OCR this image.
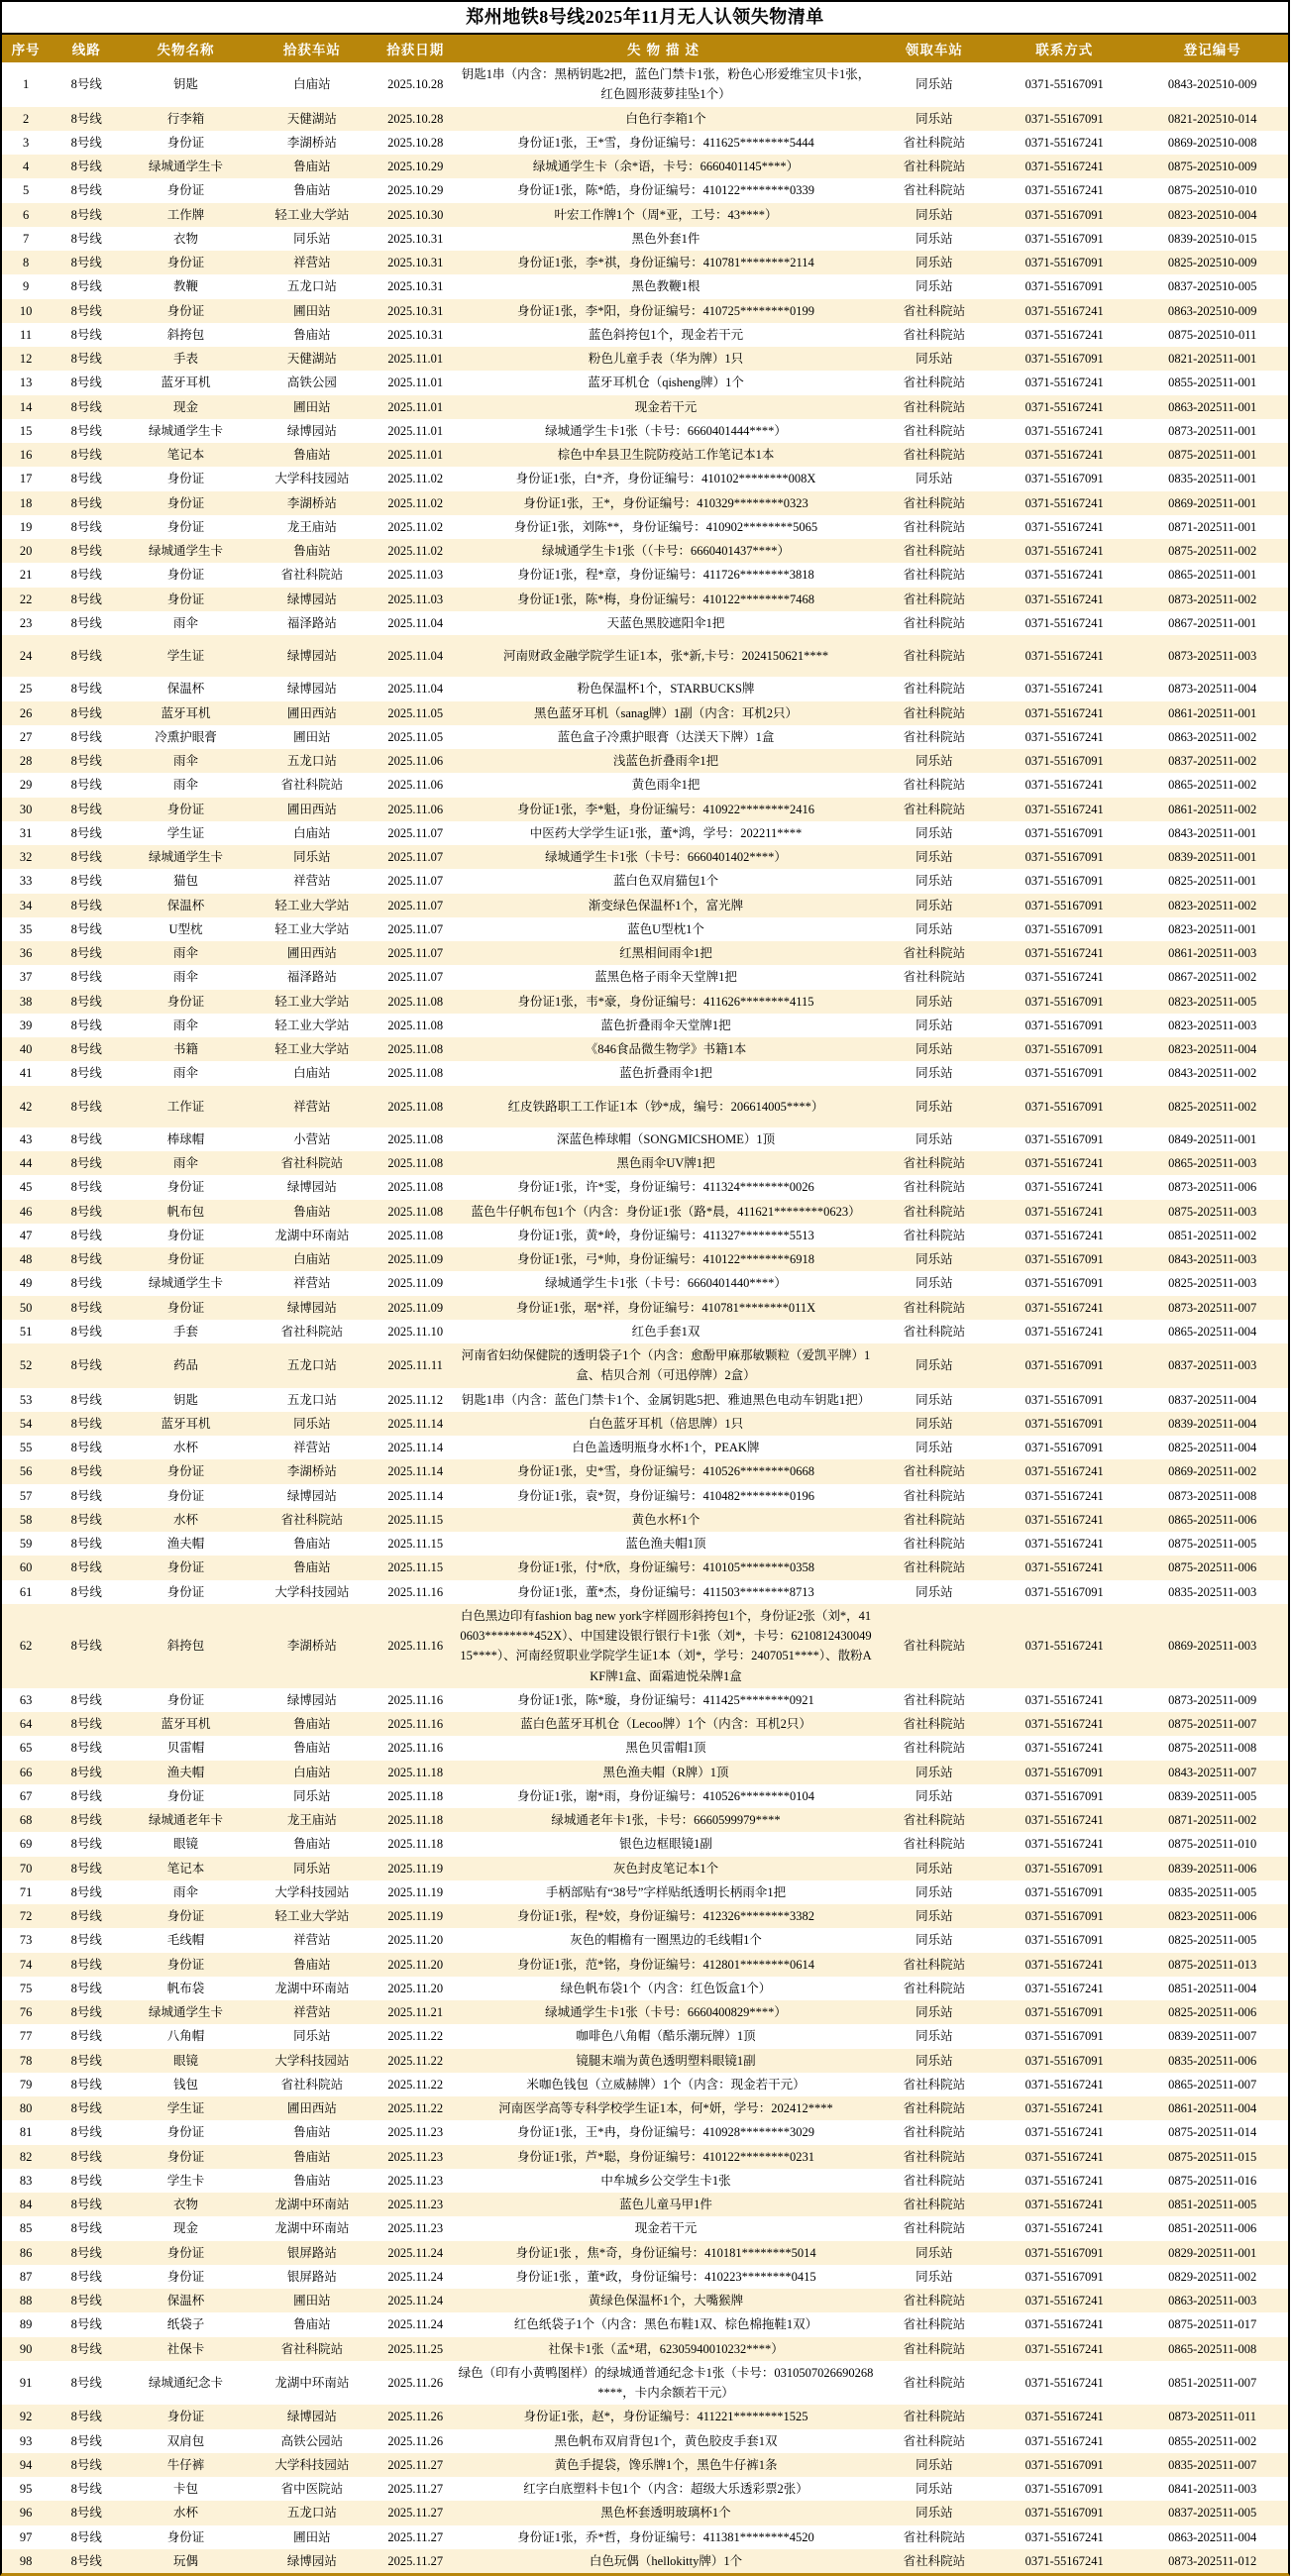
郑州地铁8号线2025年11月无人认领失物清单
序号	线路	失物名称	拾获车站	拾获日期	失物描述	领取车站	联系方式	登记编号
1	8号线	钥匙	白庙站	2025.10.28	钥匙1串（内含：黑柄钥匙2把，蓝色门禁卡1张，粉色心形爱维宝贝卡1张，红色圆形菠萝挂坠1个）	同乐站	0371-55167091	0843-202510-009
2	8号线	行李箱	天健湖站	2025.10.28	白色行李箱1个	同乐站	0371-55167091	0821-202510-014
3	8号线	身份证	李湖桥站	2025.10.28	身份证1张，王*雪，身份证编号：411625********5444	省社科院站	0371-55167241	0869-202510-008
4	8号线	绿城通学生卡	鲁庙站	2025.10.29	绿城通学生卡（余*语，卡号：6660401145****）	省社科院站	0371-55167241	0875-202510-009
5	8号线	身份证	鲁庙站	2025.10.29	身份证1张，陈*皓，身份证编号：410122********0339	省社科院站	0371-55167241	0875-202510-010
6	8号线	工作牌	轻工业大学站	2025.10.30	叶宏工作牌1个（周*亚，工号：43****）	同乐站	0371-55167091	0823-202510-004
7	8号线	衣物	同乐站	2025.10.31	黑色外套1件	同乐站	0371-55167091	0839-202510-015
8	8号线	身份证	祥营站	2025.10.31	身份证1张，李*祺，身份证编号：410781********2114	同乐站	0371-55167091	0825-202510-009
9	8号线	教鞭	五龙口站	2025.10.31	黑色教鞭1根	同乐站	0371-55167091	0837-202510-005
10	8号线	身份证	圃田站	2025.10.31	身份证1张，李*阳，身份证编号：410725********0199	省社科院站	0371-55167241	0863-202510-009
11	8号线	斜挎包	鲁庙站	2025.10.31	蓝色斜挎包1个，现金若干元	省社科院站	0371-55167241	0875-202510-011
12	8号线	手表	天健湖站	2025.11.01	粉色儿童手表（华为牌）1只	同乐站	0371-55167091	0821-202511-001
13	8号线	蓝牙耳机	高铁公园	2025.11.01	蓝牙耳机仓（qisheng牌）1个	省社科院站	0371-55167241	0855-202511-001
14	8号线	现金	圃田站	2025.11.01	现金若干元	省社科院站	0371-55167241	0863-202511-001
15	8号线	绿城通学生卡	绿博园站	2025.11.01	绿城通学生卡1张（卡号：6660401444****）	省社科院站	0371-55167241	0873-202511-001
16	8号线	笔记本	鲁庙站	2025.11.01	棕色中牟县卫生院防疫站工作笔记本1本	省社科院站	0371-55167241	0875-202511-001
17	8号线	身份证	大学科技园站	2025.11.02	身份证1张，白*齐，身份证编号：410102********008X	同乐站	0371-55167091	0835-202511-001
18	8号线	身份证	李湖桥站	2025.11.02	身份证1张，王*，身份证编号：410329********0323	省社科院站	0371-55167241	0869-202511-001
19	8号线	身份证	龙王庙站	2025.11.02	身份证1张，刘陈**，身份证编号：410902********5065	省社科院站	0371-55167241	0871-202511-001
20	8号线	绿城通学生卡	鲁庙站	2025.11.02	绿城通学生卡1张（（卡号：6660401437****）	省社科院站	0371-55167241	0875-202511-002
21	8号线	身份证	省社科院站	2025.11.03	身份证1张，程*章，身份证编号：411726********3818	省社科院站	0371-55167241	0865-202511-001
22	8号线	身份证	绿博园站	2025.11.03	身份证1张，陈*梅，身份证编号：410122********7468	省社科院站	0371-55167241	0873-202511-002
23	8号线	雨伞	福泽路站	2025.11.04	天蓝色黑胶遮阳伞1把	省社科院站	0371-55167241	0867-202511-001
24	8号线	学生证	绿博园站	2025.11.04	河南财政金融学院学生证1本，张*新,卡号：2024150621****	省社科院站	0371-55167241	0873-202511-003
25	8号线	保温杯	绿博园站	2025.11.04	粉色保温杯1个，STARBUCKS牌	省社科院站	0371-55167241	0873-202511-004
26	8号线	蓝牙耳机	圃田西站	2025.11.05	黑色蓝牙耳机（sanag牌）1副（内含：耳机2只）	省社科院站	0371-55167241	0861-202511-001
27	8号线	冷熏护眼膏	圃田站	2025.11.05	蓝色盒子冷熏护眼膏（达渼天下牌）1盒	省社科院站	0371-55167241	0863-202511-002
28	8号线	雨伞	五龙口站	2025.11.06	浅蓝色折叠雨伞1把	同乐站	0371-55167091	0837-202511-002
29	8号线	雨伞	省社科院站	2025.11.06	黄色雨伞1把	省社科院站	0371-55167241	0865-202511-002
30	8号线	身份证	圃田西站	2025.11.06	身份证1张，李*魁，身份证编号：410922********2416	省社科院站	0371-55167241	0861-202511-002
31	8号线	学生证	白庙站	2025.11.07	中医药大学学生证1张，董*鸿，学号：202211****	同乐站	0371-55167091	0843-202511-001
32	8号线	绿城通学生卡	同乐站	2025.11.07	绿城通学生卡1张（卡号：6660401402****）	同乐站	0371-55167091	0839-202511-001
33	8号线	猫包	祥营站	2025.11.07	蓝白色双肩猫包1个	同乐站	0371-55167091	0825-202511-001
34	8号线	保温杯	轻工业大学站	2025.11.07	渐变绿色保温杯1个，富光牌	同乐站	0371-55167091	0823-202511-002
35	8号线	U型枕	轻工业大学站	2025.11.07	蓝色U型枕1个	同乐站	0371-55167091	0823-202511-001
36	8号线	雨伞	圃田西站	2025.11.07	红黑相间雨伞1把	省社科院站	0371-55167241	0861-202511-003
37	8号线	雨伞	福泽路站	2025.11.07	蓝黑色格子雨伞天堂牌1把	省社科院站	0371-55167241	0867-202511-002
38	8号线	身份证	轻工业大学站	2025.11.08	身份证1张，韦*豪，身份证编号：411626********4115	同乐站	0371-55167091	0823-202511-005
39	8号线	雨伞	轻工业大学站	2025.11.08	蓝色折叠雨伞天堂牌1把	同乐站	0371-55167091	0823-202511-003
40	8号线	书籍	轻工业大学站	2025.11.08	《846食品微生物学》书籍1本	同乐站	0371-55167091	0823-202511-004
41	8号线	雨伞	白庙站	2025.11.08	蓝色折叠雨伞1把	同乐站	0371-55167091	0843-202511-002
42	8号线	工作证	祥营站	2025.11.08	红皮铁路职工工作证1本（钞*成，编号：206614005****）	同乐站	0371-55167091	0825-202511-002
43	8号线	棒球帽	小营站	2025.11.08	深蓝色棒球帽（SONGMICSHOME）1顶	同乐站	0371-55167091	0849-202511-001
44	8号线	雨伞	省社科院站	2025.11.08	黑色雨伞UV牌1把	省社科院站	0371-55167241	0865-202511-003
45	8号线	身份证	绿博园站	2025.11.08	身份证1张，许*雯，身份证编号：411324********0026	省社科院站	0371-55167241	0873-202511-006
46	8号线	帆布包	鲁庙站	2025.11.08	蓝色牛仔帆布包1个（内含：身份证1张（路*晨，411621********0623）	省社科院站	0371-55167241	0875-202511-003
47	8号线	身份证	龙湖中环南站	2025.11.08	身份证1张，黄*岭，身份证编号：411327********5513	省社科院站	0371-55167241	0851-202511-002
48	8号线	身份证	白庙站	2025.11.09	身份证1张，弓*帅，身份证编号：410122********6918	同乐站	0371-55167091	0843-202511-003
49	8号线	绿城通学生卡	祥营站	2025.11.09	绿城通学生卡1张（卡号：6660401440****）	同乐站	0371-55167091	0825-202511-003
50	8号线	身份证	绿博园站	2025.11.09	身份证1张，琚*祥，身份证编号：410781********011X	省社科院站	0371-55167241	0873-202511-007
51	8号线	手套	省社科院站	2025.11.10	红色手套1双	省社科院站	0371-55167241	0865-202511-004
52	8号线	药品	五龙口站	2025.11.11	河南省妇幼保健院的透明袋子1个（内含：愈酚甲麻那敏颗粒（爱凯平牌）1盒、桔贝合剂（可迅停牌）2盒）	同乐站	0371-55167091	0837-202511-003
53	8号线	钥匙	五龙口站	2025.11.12	钥匙1串（内含：蓝色门禁卡1个、金属钥匙5把、雅迪黑色电动车钥匙1把）	同乐站	0371-55167091	0837-202511-004
54	8号线	蓝牙耳机	同乐站	2025.11.14	白色蓝牙耳机（倍思牌）1只	同乐站	0371-55167091	0839-202511-004
55	8号线	水杯	祥营站	2025.11.14	白色盖透明瓶身水杯1个，PEAK牌	同乐站	0371-55167091	0825-202511-004
56	8号线	身份证	李湖桥站	2025.11.14	身份证1张，史*雪，身份证编号：410526********0668	省社科院站	0371-55167241	0869-202511-002
57	8号线	身份证	绿博园站	2025.11.14	身份证1张，袁*贺，身份证编号：410482********0196	省社科院站	0371-55167241	0873-202511-008
58	8号线	水杯	省社科院站	2025.11.15	黄色水杯1个	省社科院站	0371-55167241	0865-202511-006
59	8号线	渔夫帽	鲁庙站	2025.11.15	蓝色渔夫帽1顶	省社科院站	0371-55167241	0875-202511-005
60	8号线	身份证	鲁庙站	2025.11.15	身份证1张，付*欣，身份证编号：410105********0358	省社科院站	0371-55167241	0875-202511-006
61	8号线	身份证	大学科技园站	2025.11.16	身份证1张，董*杰，身份证编号：411503********8713	同乐站	0371-55167091	0835-202511-003
62	8号线	斜挎包	李湖桥站	2025.11.16	白色黑边印有fashion bag new york字样圆形斜挎包1个，身份证2张（刘*，410603********452X）、中国建设银行银行卡1张（刘*，卡号：621081243004915****）、河南经贸职业学院学生证1本（刘*，学号：2407051****）、散粉AKF牌1盒、面霜迪悦朵牌1盒	省社科院站	0371-55167241	0869-202511-003
63	8号线	身份证	绿博园站	2025.11.16	身份证1张，陈*璇，身份证编号：411425********0921	省社科院站	0371-55167241	0873-202511-009
64	8号线	蓝牙耳机	鲁庙站	2025.11.16	蓝白色蓝牙耳机仓（Lecoo牌）1个（内含：耳机2只）	省社科院站	0371-55167241	0875-202511-007
65	8号线	贝雷帽	鲁庙站	2025.11.16	黑色贝雷帽1顶	省社科院站	0371-55167241	0875-202511-008
66	8号线	渔夫帽	白庙站	2025.11.18	黑色渔夫帽（R牌）1顶	同乐站	0371-55167091	0843-202511-007
67	8号线	身份证	同乐站	2025.11.18	身份证1张，谢*雨，身份证编号：410526********0104	同乐站	0371-55167091	0839-202511-005
68	8号线	绿城通老年卡	龙王庙站	2025.11.18	绿城通老年卡1张，卡号：6660599979****	省社科院站	0371-55167241	0871-202511-002
69	8号线	眼镜	鲁庙站	2025.11.18	银色边框眼镜1副	省社科院站	0371-55167241	0875-202511-010
70	8号线	笔记本	同乐站	2025.11.19	灰色封皮笔记本1个	同乐站	0371-55167091	0839-202511-006
71	8号线	雨伞	大学科技园站	2025.11.19	手柄部贴有“38号”字样贴纸透明长柄雨伞1把	同乐站	0371-55167091	0835-202511-005
72	8号线	身份证	轻工业大学站	2025.11.19	身份证1张，程*姣，身份证编号：412326********3382	同乐站	0371-55167091	0823-202511-006
73	8号线	毛线帽	祥营站	2025.11.20	灰色的帽檐有一圈黑边的毛线帽1个	同乐站	0371-55167091	0825-202511-005
74	8号线	身份证	鲁庙站	2025.11.20	身份证1张，范*铭，身份证编号：412801********0614	省社科院站	0371-55167241	0875-202511-013
75	8号线	帆布袋	龙湖中环南站	2025.11.20	绿色帆布袋1个（内含：红色饭盒1个）	省社科院站	0371-55167241	0851-202511-004
76	8号线	绿城通学生卡	祥营站	2025.11.21	绿城通学生卡1张（卡号：6660400829****）	同乐站	0371-55167091	0825-202511-006
77	8号线	八角帽	同乐站	2025.11.22	咖啡色八角帽（酷乐潮玩牌）1顶	同乐站	0371-55167091	0839-202511-007
78	8号线	眼镜	大学科技园站	2025.11.22	镜腿末端为黄色透明塑料眼镜1副	同乐站	0371-55167091	0835-202511-006
79	8号线	钱包	省社科院站	2025.11.22	米咖色钱包（立威赫牌）1个（内含：现金若干元）	省社科院站	0371-55167241	0865-202511-007
80	8号线	学生证	圃田西站	2025.11.22	河南医学高等专科学校学生证1本，何*妍，学号：202412****	省社科院站	0371-55167241	0861-202511-004
81	8号线	身份证	鲁庙站	2025.11.23	身份证1张，王*冉，身份证编号：410928********3029	省社科院站	0371-55167241	0875-202511-014
82	8号线	身份证	鲁庙站	2025.11.23	身份证1张，芦*聪，身份证编号：410122********0231	省社科院站	0371-55167241	0875-202511-015
83	8号线	学生卡	鲁庙站	2025.11.23	中牟城乡公交学生卡1张	省社科院站	0371-55167241	0875-202511-016
84	8号线	衣物	龙湖中环南站	2025.11.23	蓝色儿童马甲1件	省社科院站	0371-55167241	0851-202511-005
85	8号线	现金	龙湖中环南站	2025.11.23	现金若干元	省社科院站	0371-55167241	0851-202511-006
86	8号线	身份证	银屏路站	2025.11.24	身份证1张 ，焦*奇，身份证编号：410181********5014	同乐站	0371-55167091	0829-202511-001
87	8号线	身份证	银屏路站	2025.11.24	身份证1张 ，董*政，身份证编号：410223********0415	同乐站	0371-55167091	0829-202511-002
88	8号线	保温杯	圃田站	2025.11.24	黄绿色保温杯1个，大嘴猴牌	省社科院站	0371-55167241	0863-202511-003
89	8号线	纸袋子	鲁庙站	2025.11.24	红色纸袋子1个（内含：黑色布鞋1双、棕色棉拖鞋1双）	省社科院站	0371-55167241	0875-202511-017
90	8号线	社保卡	省社科院站	2025.11.25	社保卡1张（孟*珺，62305940010232****）	省社科院站	0371-55167241	0865-202511-008
91	8号线	绿城通纪念卡	龙湖中环南站	2025.11.26	绿色（印有小黄鸭图样）的绿城通普通纪念卡1张（卡号：0310507026690268****，卡内余额若干元）	省社科院站	0371-55167241	0851-202511-007
92	8号线	身份证	绿博园站	2025.11.26	身份证1张，赵*，身份证编号：411221********1525	省社科院站	0371-55167241	0873-202511-011
93	8号线	双肩包	高铁公园站	2025.11.26	黑色帆布双肩背包1个，黄色胶皮手套1双	省社科院站	0371-55167241	0855-202511-002
94	8号线	牛仔裤	大学科技园站	2025.11.27	黄色手提袋，馋乐牌1个，黑色牛仔裤1条	同乐站	0371-55167091	0835-202511-007
95	8号线	卡包	省中医院站	2025.11.27	红字白底塑料卡包1个（内含：超级大乐透彩票2张）	同乐站	0371-55167091	0841-202511-003
96	8号线	水杯	五龙口站	2025.11.27	黑色杯套透明玻璃杯1个	同乐站	0371-55167091	0837-202511-005
97	8号线	身份证	圃田站	2025.11.27	身份证1张，乔*哲，身份证编号：411381********4520	省社科院站	0371-55167241	0863-202511-004
98	8号线	玩偶	绿博园站	2025.11.27	白色玩偶（hellokitty牌）1个	省社科院站	0371-55167241	0873-202511-012
